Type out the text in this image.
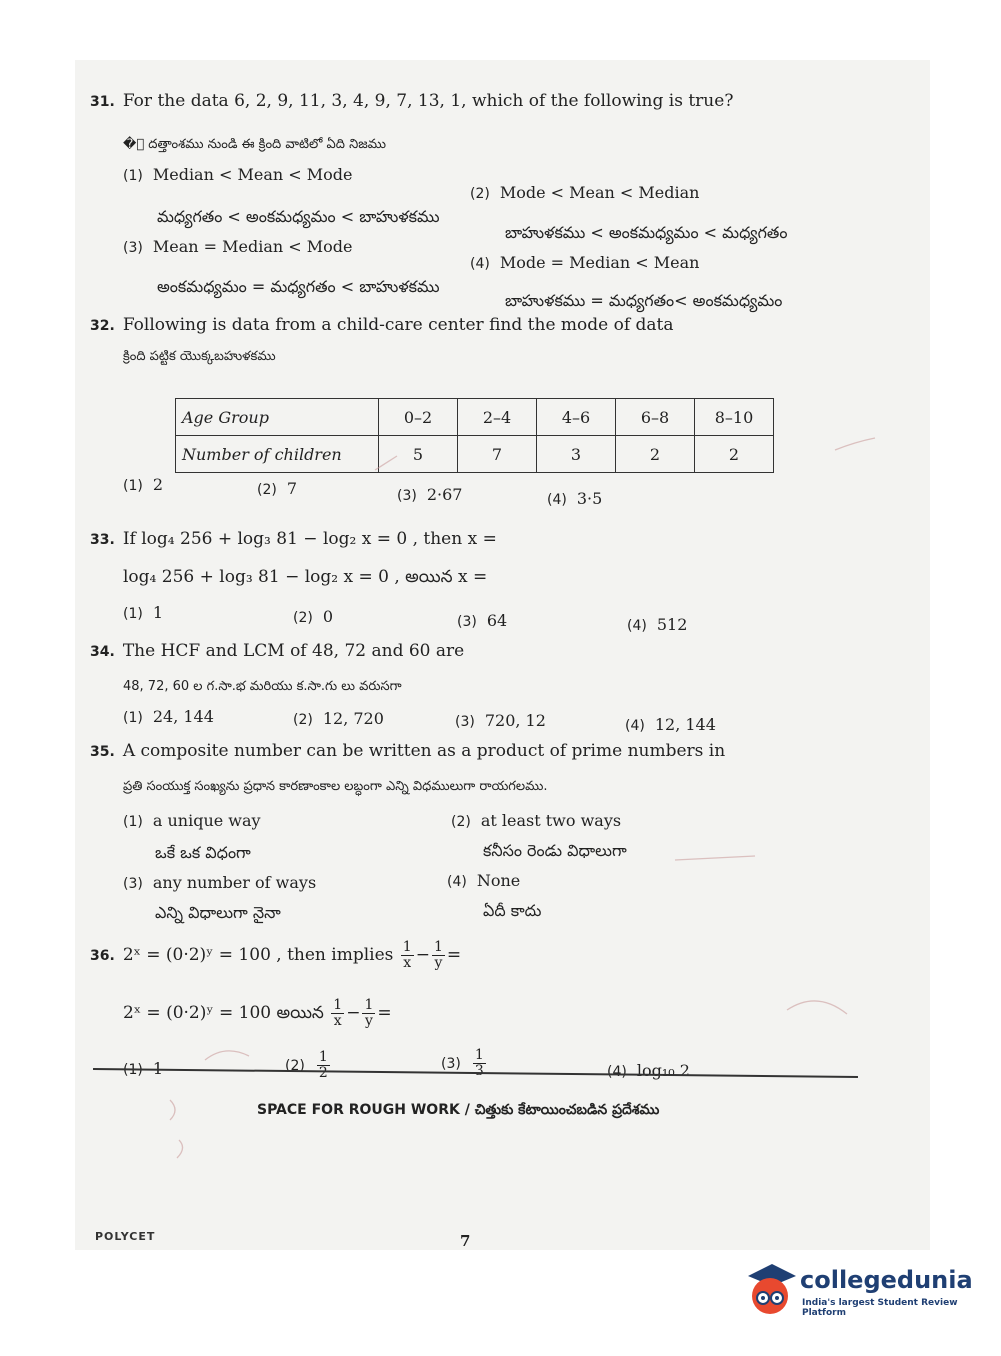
31. For the data 6, 2, 9, 11, 3, 4, 9, 7, 13, 1, which of the following is true?
�ై దత్తాంశము నుండి ఈ క్రింది వాటిలో ఏది నిజము
(1) Median < Mean < Mode
మధ్యగతం < అంకమధ్యమం < బాహుళకము
(2) Mode < Mean < Median
బాహుళకము < అంకమధ్యమం < మధ్యగతం
(3) Mean = Median < Mode
అంకమధ్యమం = మధ్యగతం < బాహుళకము
(4) Mode = Median < Mean
బాహుళకము = మధ్యగతం< అంకమధ్యమం
32. Following is data from a child-care center find the mode of data
క్రింది పట్టిక యొక్కబహుళకము
Age Group	0–2	2–4	4–6	6–8	8–10
Number of children	5	7	3	2	2
(1) 2	(2) 7	(3) 2·67	(4) 3·5
33. If log₄ 256 + log₃ 81 − log₂ x = 0 , then x =
log₄ 256 + log₃ 81 − log₂ x = 0 , అయిన x =
(1) 1	(2) 0	(3) 64	(4) 512
34. The HCF and LCM of 48, 72 and 60 are
48, 72, 60 ల గ.సా.భ మరియు క.సా.గు లు వరుసగా
(1) 24, 144	(2) 12, 720	(3) 720, 12	(4) 12, 144
35. A composite number can be written as a product of prime numbers in
ప్రతి సంయుక్త సంఖ్యను ప్రధాన కారణాంకాల లబ్ధంగా ఎన్ని విధములుగా రాయగలము.
(1) a unique way
ఒకే ఒక విధంగా
(2) at least two ways
కనీసం రెండు విధాలుగా
(3) any number of ways
ఎన్ని విధాలుగా నైనా
(4) None
ఏదీ కాదు
36. 2ˣ = (0·2)ʸ = 100 , then implies $\frac{1}{x} - \frac{1}{y}$ =
2ˣ = (0·2)ʸ = 100 అయిన $\frac{1}{x} - \frac{1}{y}$ =
(1) 1	$(2) \frac{1}{2}$	$(3) \frac{1}{3}$	(4) log₁₀ 2
SPACE FOR ROUGH WORK / చిత్తుకు కేటాయించబడిన ప్రదేశము
POLYCET	7
collegedunia
India's largest Student Review Platform
